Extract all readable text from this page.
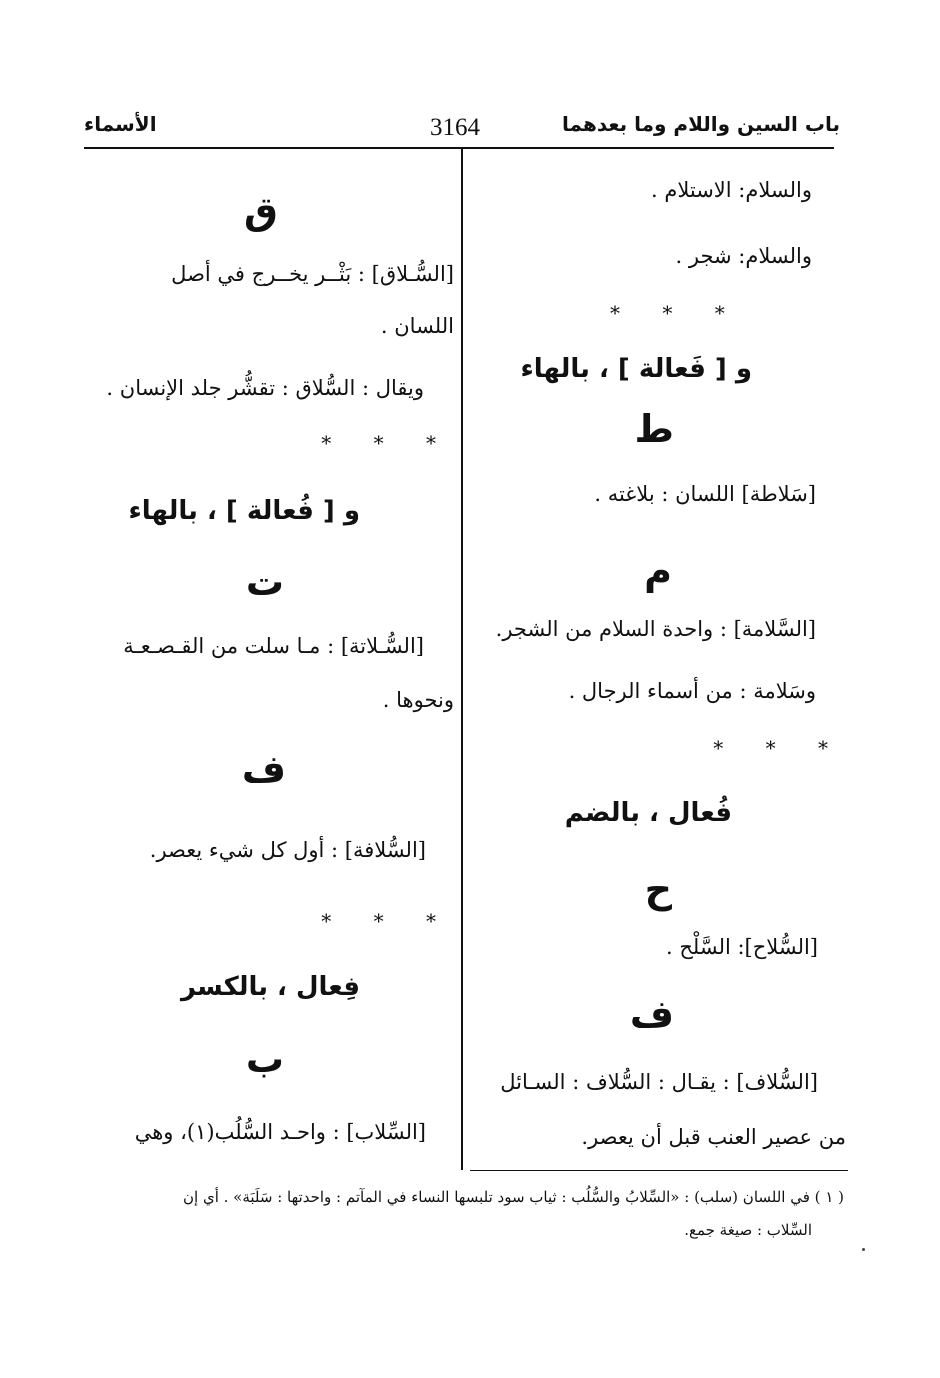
باب السين واللام وما بعدهما
3164
الأسماء
والسلام: الاستلام .
والسلام: شجر .
* * *
و [ فَعالة ] ، بالهاء
ط
[سَلاطة] اللسان : بلاغته .
م
[السَّلامة] : واحدة السلام من الشجر.
وسَلامة : من أسماء الرجال .
* * *
فُعال ، بالضم
ح
[السُّلاح]: السَّلْح .
ف
[السُّلاف] : يقـال : السُّلاف : السـائل
من عصير العنب قبل أن يعصر.
ق
[السُّـلاق] : بَثْــر يخــرج في أصل
اللسان .
ويقال : السُّلاق : تقشُّر جلد الإنسان .
* * *
و [ فُعالة ] ، بالهاء
ت
[السُّـلاتة] : مـا سلت من القـصـعـة
ونحوها .
ف
[السُّلافة] : أول كل شيء يعصر.
* * *
فِعال ، بالكسر
ب
[السِّلاب] : واحـد السُّلُب(١)، وهي
( ١ ) في اللسان (سلب) : «السِّلابُ والسُّلُب : ثياب سود تلبسها النساء في المآتم : واحدتها : سَلَبَة» . أي إن
السِّلاب : صيغة جمع.
